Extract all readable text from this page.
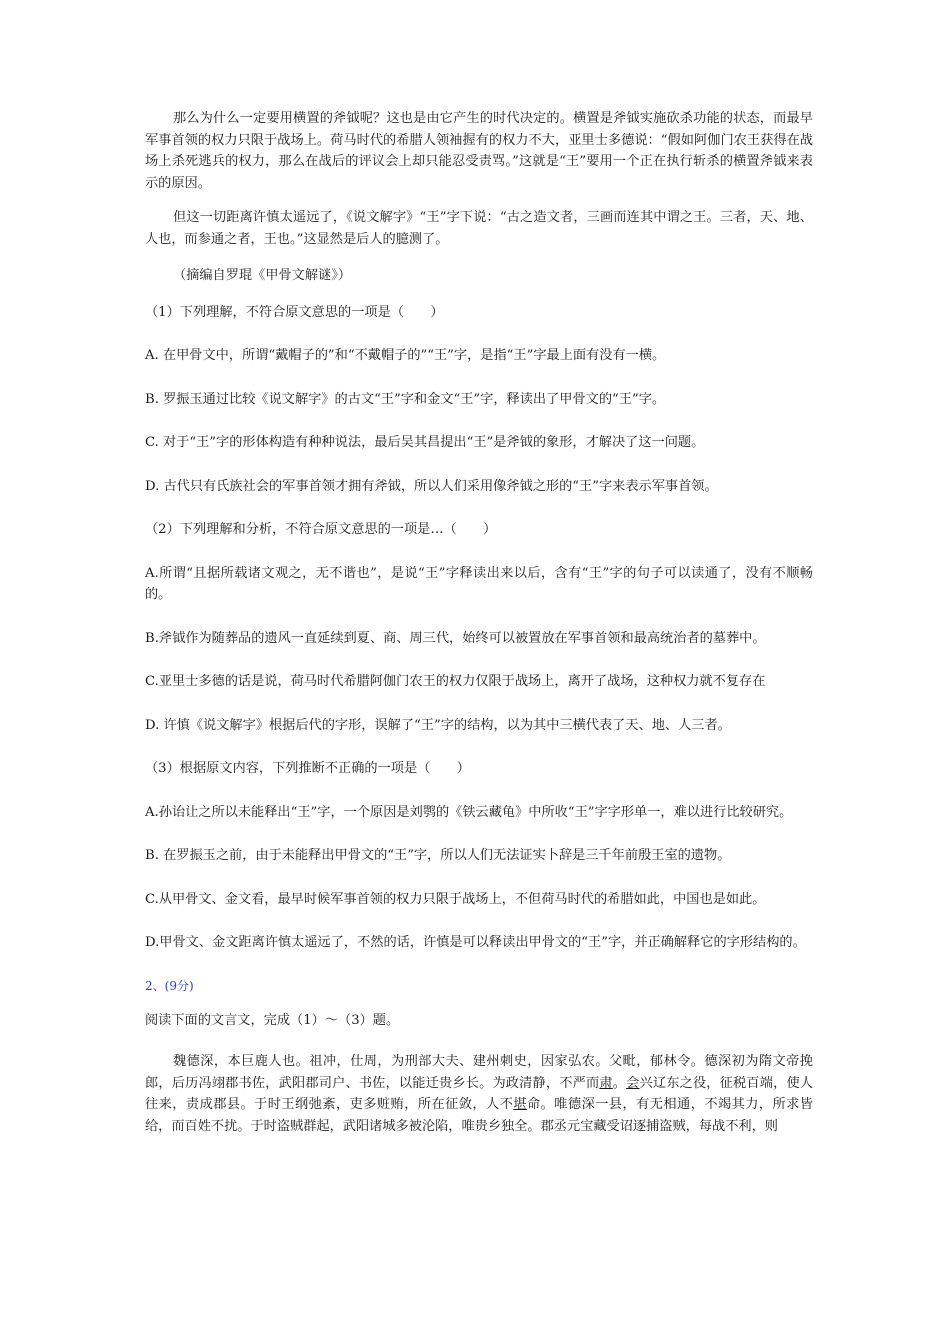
那么为什么一定要用横置的斧钺呢？这也是由它产生的时代决定的。横置是斧钺实施砍杀功能的状态，而最早军事首领的权力只限于战场上。荷马时代的希腊人领袖握有的权力不大，亚里士多德说：“假如阿伽门农王获得在战场上杀死逃兵的权力，那么在战后的评议会上却只能忍受责骂。”这就是“王”要用一个正在执行斩杀的横置斧钺来表示的原因。

但这一切距离许慎太遥远了，《说文解字》“王”字下说：“古之造文者，三画而连其中谓之王。三者，天、地、人也，而参通之者，王也。”这显然是后人的臆测了。

（摘编自罗琨《甲骨文解谜》）

（1）下列理解，不符合原文意思的一项是（　　）

A. 在甲骨文中，所谓“戴帽子的”和“不戴帽子的”“王”字，是指“王”字最上面有没有一横。

B. 罗振玉通过比较《说文解字》的古文“王”字和金文“王”字，释读出了甲骨文的“王”字。

C. 对于“王”字的形体构造有种种说法，最后吴其昌提出“王”是斧钺的象形，才解决了这一问题。

D. 古代只有氏族社会的军事首领才拥有斧钺，所以人们采用像斧钺之形的“王”字来表示军事首领。

（2）下列理解和分析，不符合原文意思的一项是…（　　）

A.所谓“且据所载诸文观之，无不谐也”，是说“王”字释读出来以后，含有“王”字的句子可以读通了，没有不顺畅的。

B.斧钺作为随葬品的遗风一直延续到夏、商、周三代，始终可以被置放在军事首领和最高统治者的墓葬中。

C.亚里士多德的话是说，荷马时代希腊阿伽门农王的权力仅限于战场上，离开了战场，这种权力就不复存在

D. 许慎《说文解字》根据后代的字形，误解了“王”字的结构，以为其中三横代表了天、地、人三者。

（3）根据原文内容，下列推断不正确的一项是（　　）

A.孙诒让之所以未能释出“王”字，一个原因是刘鹗的《铁云藏龟》中所收“王”字字形单一，难以进行比较研究。

B. 在罗振玉之前，由于未能释出甲骨文的“王”字，所以人们无法证实卜辞是三千年前殷王室的遗物。

C.从甲骨文、金文看，最早时候军事首领的权力只限于战场上，不但荷马时代的希腊如此，中国也是如此。

D.甲骨文、金文距离许慎太遥远了，不然的话，许慎是可以释读出甲骨文的“王”字，并正确解释它的字形结构的。

2、(9分)

阅读下面的文言文，完成（1）～（3）题。

魏德深，本巨鹿人也。祖冲，仕周，为刑部大夫、建州刺史，因家弘农。父毗，郁林令。德深初为隋文帝挽郎，后历冯翊郡书佐，武阳郡司户、书佐，以能迁贵乡长。为政清静，不严而肃。会兴辽东之役，征税百端，使人往来，责成郡县。于时王纲弛紊，吏多赃贿，所在征敛，人不堪命。唯德深一县，有无相通，不竭其力，所求皆给，而百姓不扰。于时盗贼群起，武阳诸城多被沦陷，唯贵乡独全。郡丞元宝藏受诏逐捕盗贼，每战不利，则
